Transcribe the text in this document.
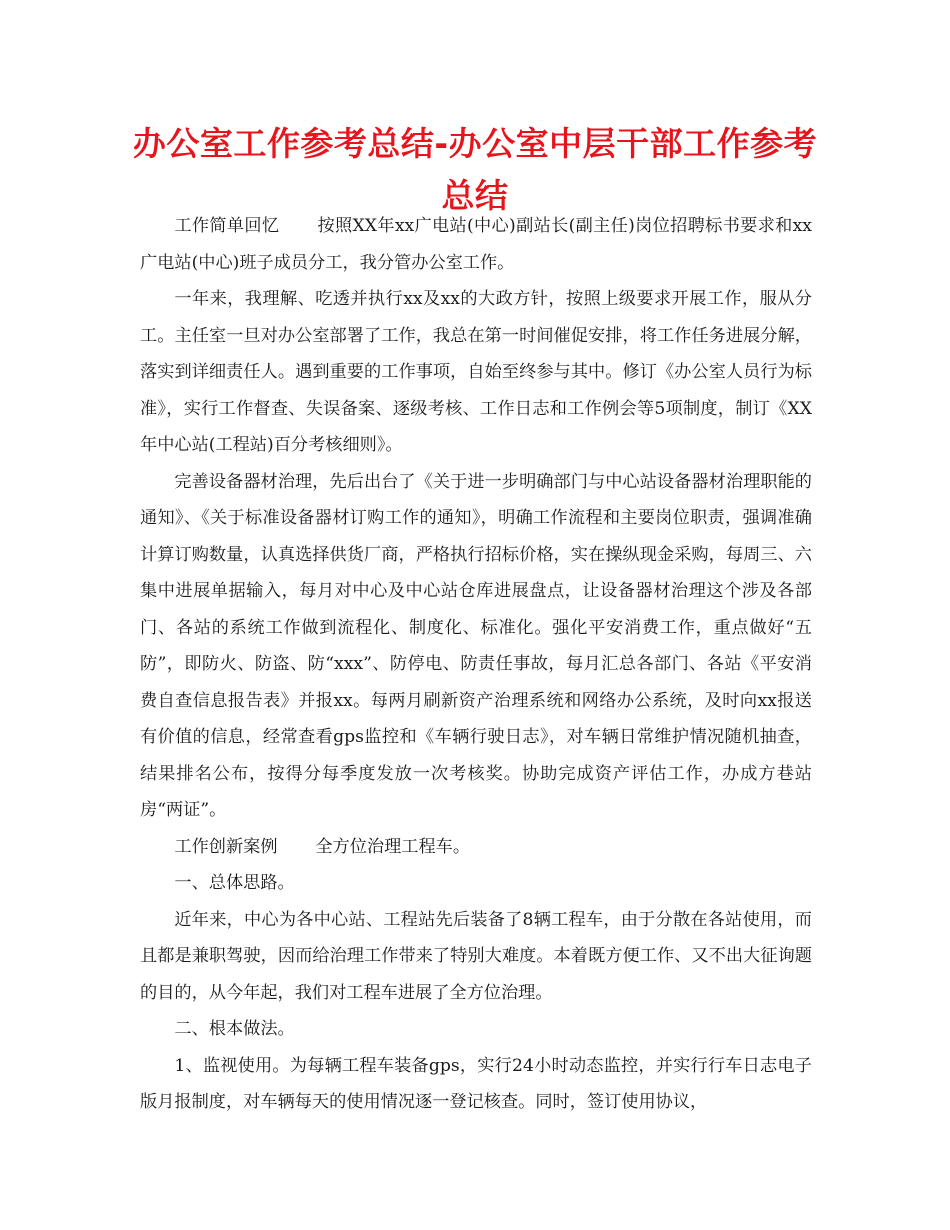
办公室工作参考总结-办公室中层干部工作参考总结

工作简单回忆 按照XX年xx广电站(中心)副站长(副主任)岗位招聘标书要求和xx广电站(中心)班子成员分工，我分管办公室工作。

一年来，我理解、吃透并执行xx及xx的大政方针，按照上级要求开展工作，服从分工。主任室一旦对办公室部署了工作，我总在第一时间催促安排，将工作任务进展分解，落实到详细责任人。遇到重要的工作事项，自始至终参与其中。修订《办公室人员行为标准》，实行工作督查、失误备案、逐级考核、工作日志和工作例会等5项制度，制订《XX年中心站(工程站)百分考核细则》。

完善设备器材治理，先后出台了《关于进一步明确部门与中心站设备器材治理职能的通知》、《关于标准设备器材订购工作的通知》，明确工作流程和主要岗位职责，强调准确计算订购数量，认真选择供货厂商，严格执行招标价格，实在操纵现金采购，每周三、六集中进展单据输入，每月对中心及中心站仓库进展盘点，让设备器材治理这个涉及各部门、各站的系统工作做到流程化、制度化、标准化。强化平安消费工作，重点做好“五防”，即防火、防盗、防“xxx”、防停电、防责任事故，每月汇总各部门、各站《平安消费自查信息报告表》并报xx。每两月刷新资产治理系统和网络办公系统，及时向xx报送有价值的信息，经常查看gps监控和《车辆行驶日志》，对车辆日常维护情况随机抽查，结果排名公布，按得分每季度发放一次考核奖。协助完成资产评估工作，办成方巷站房“两证”。

工作创新案例 全方位治理工程车。

一、总体思路。

近年来，中心为各中心站、工程站先后装备了8辆工程车，由于分散在各站使用，而且都是兼职驾驶，因而给治理工作带来了特别大难度。本着既方便工作、又不出大征询题的目的，从今年起，我们对工程车进展了全方位治理。

二、根本做法。

1、监视使用。为每辆工程车装备gps，实行24小时动态监控，并实行行车日志电子版月报制度，对车辆每天的使用情况逐一登记核查。同时，签订使用协议，
